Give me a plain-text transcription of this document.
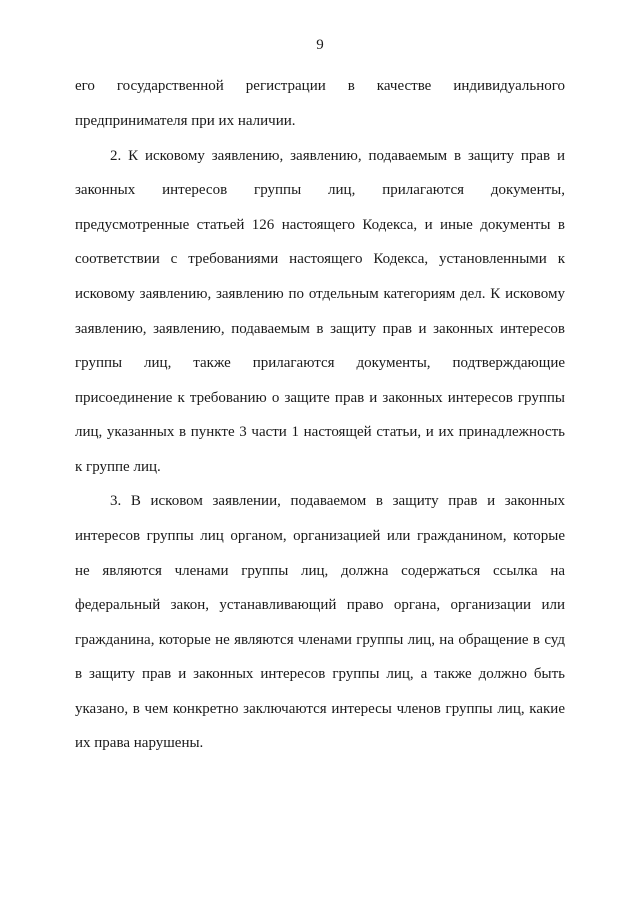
9
его государственной регистрации в качестве индивидуального
предпринимателя при их наличии.
2. К исковому заявлению, заявлению, подаваемым в защиту прав и
законных интересов группы лиц, прилагаются документы,
предусмотренные статьей 126 настоящего Кодекса, и иные документы в
соответствии с требованиями настоящего Кодекса, установленными к
исковому заявлению, заявлению по отдельным категориям дел. К исковому
заявлению, заявлению, подаваемым в защиту прав и законных интересов
группы лиц, также прилагаются документы, подтверждающие
присоединение к требованию о защите прав и законных интересов группы
лиц, указанных в пункте 3 части 1 настоящей статьи, и их принадлежность
к группе лиц.
3. В исковом заявлении, подаваемом в защиту прав и законных
интересов группы лиц органом, организацией или гражданином, которые
не являются членами группы лиц, должна содержаться ссылка на
федеральный закон, устанавливающий право органа, организации или
гражданина, которые не являются членами группы лиц, на обращение в суд
в защиту прав и законных интересов группы лиц, а также должно быть
указано, в чем конкретно заключаются интересы членов группы лиц, какие
их права нарушены.
